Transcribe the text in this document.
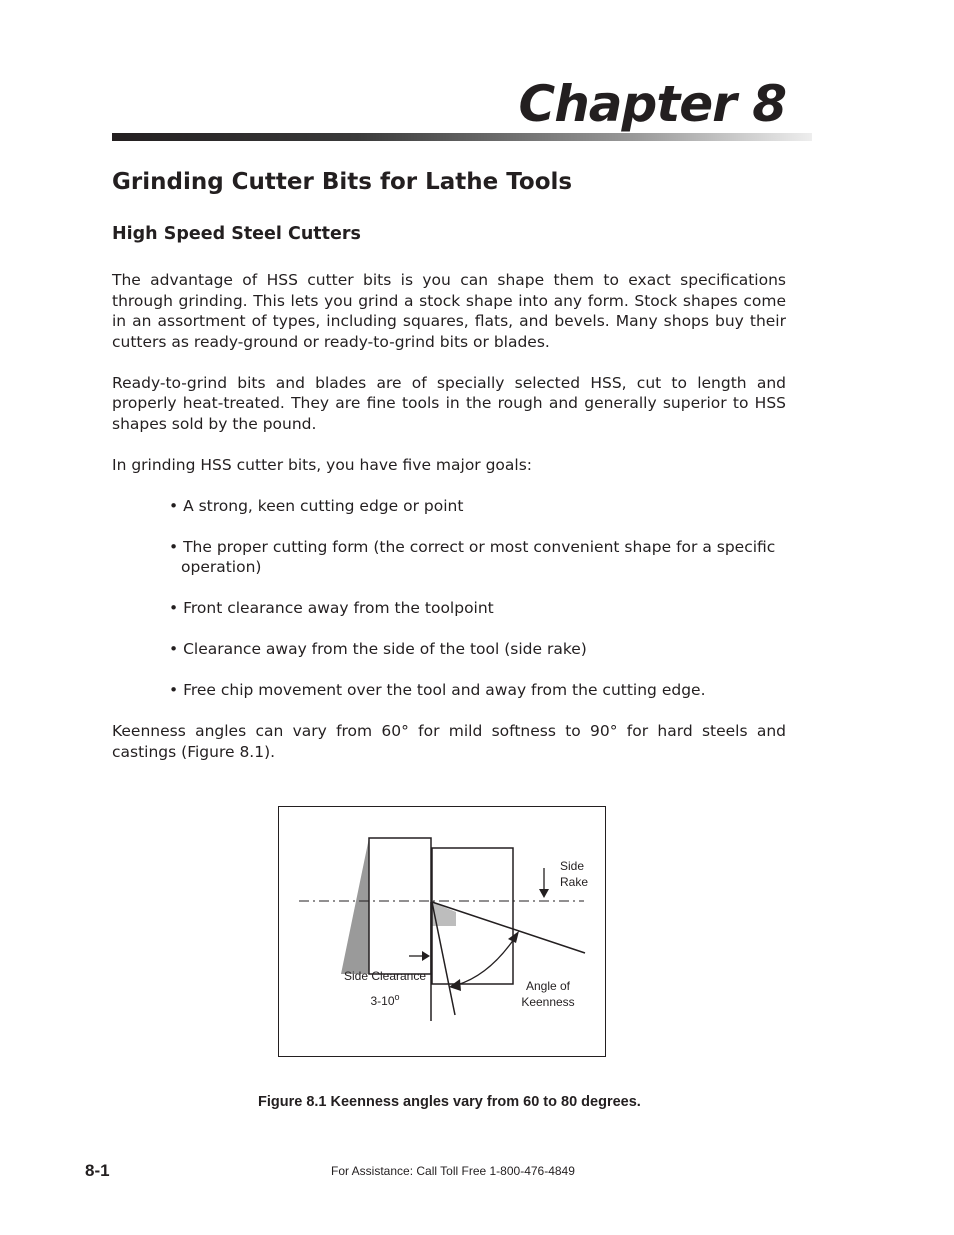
Chapter 8
Grinding Cutter Bits for Lathe Tools
High Speed Steel Cutters

The advantage of HSS cutter bits is you can shape them to exact specifications through grinding. This lets you grind a stock shape into any form. Stock shapes come in an assortment of types, including squares, flats, and bevels. Many shops buy their cutters as ready-ground or ready-to-grind bits or blades.

Ready-to-grind bits and blades are of specially selected HSS, cut to length and properly heat-treated. They are fine tools in the rough and generally superior to HSS shapes sold by the pound.

In grinding HSS cutter bits, you have five major goals:

• A strong, keen cutting edge or point
• The proper cutting form (the correct or most convenient shape for a specific operation)
• Front clearance away from the toolpoint
• Clearance away from the side of the tool (side rake)
• Free chip movement over the tool and away from the cutting edge.

Keenness angles can vary from 60° for mild softness to 90° for hard steels and castings (Figure 8.1).

Side
Rake
Side Clearance
3-10$^o$
Angle of
Keenness

Figure 8.1 Keenness angles vary from 60 to 80 degrees.

8-1	For Assistance: Call Toll Free 1-800-476-4849
